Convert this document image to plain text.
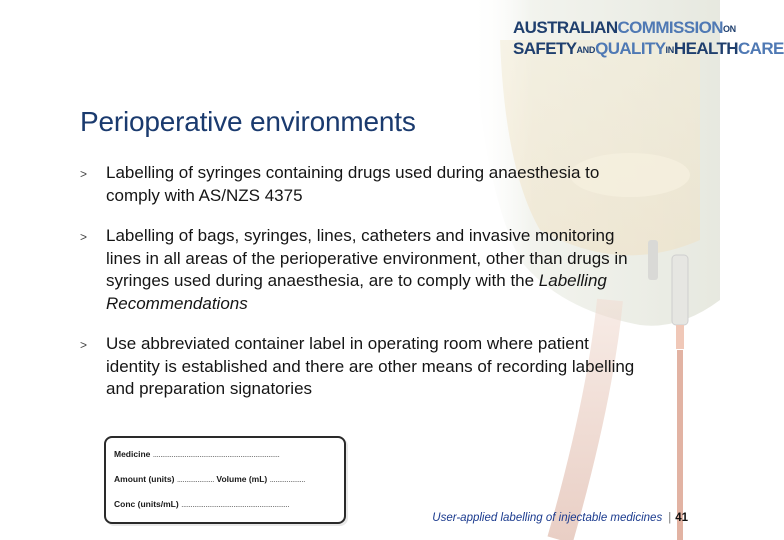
AUSTRALIANCOMMISSIONON
SAFETYANDQUALITYINHEALTHCARE
Perioperative environments
> Labelling of syringes containing drugs used during anaesthesia to comply with AS/NZS 4375
> Labelling of bags, syringes, lines, catheters and invasive monitoring lines in all areas of the perioperative environment, other than drugs in syringes used during anaesthesia, are to comply with the Labelling Recommendations
> Use abbreviated container label in operating room where patient identity is established and there are other means of recording labelling and preparation signatories
Medicine ....................................................................
Amount (units) .................... Volume (mL) ...................
Conc (units/mL) ..........................................................
User-applied labelling of injectable medicines | 41
